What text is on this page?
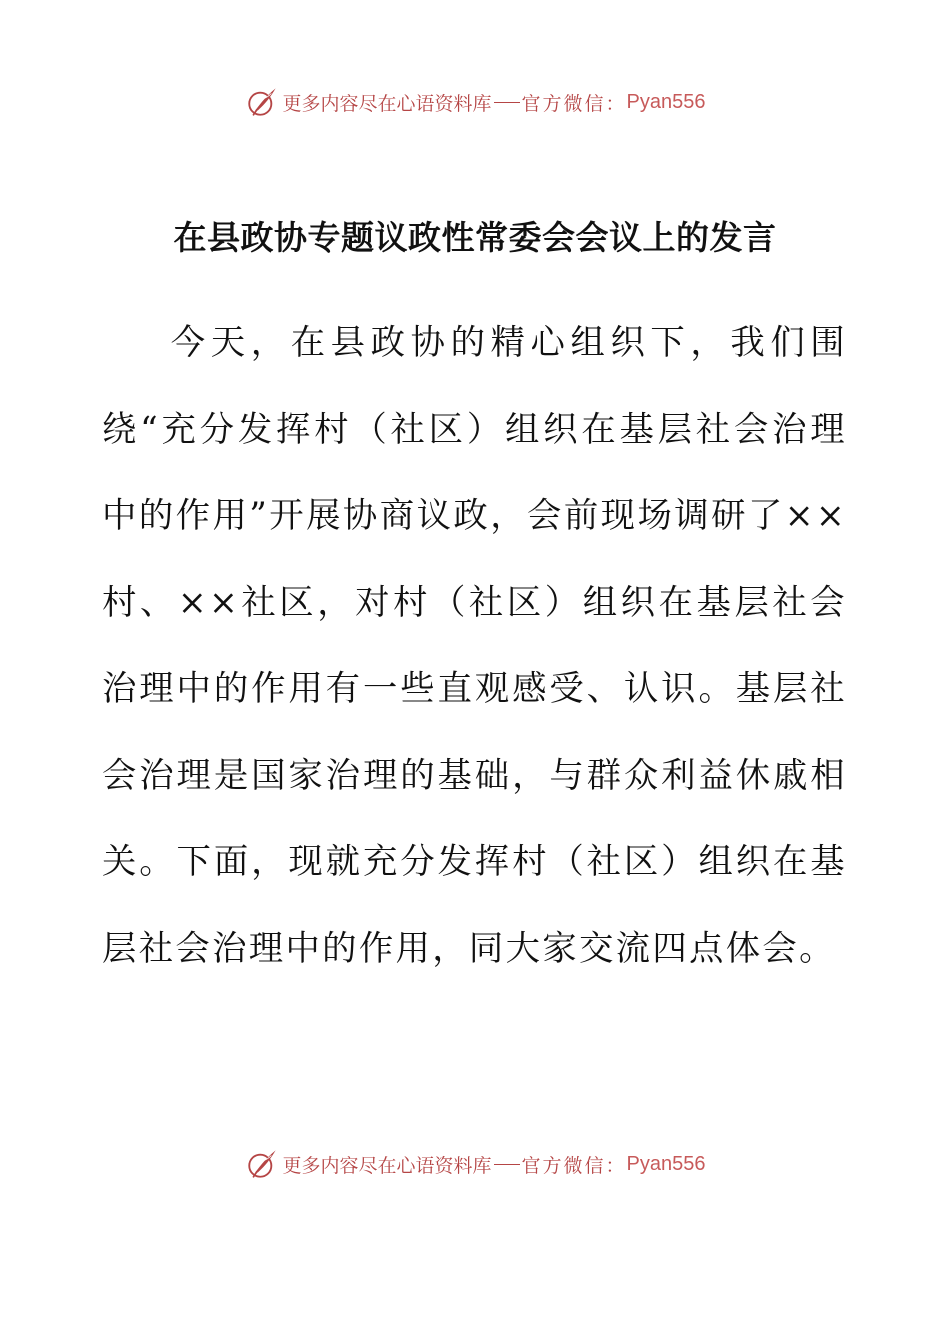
更多内容尽在心语资料库 官方微信： Pyan556
在县政协专题议政性常委会会议上的发言

今天，在县政协的精心组织下，我们围绕“充分发挥村（社区）组织在基层社会治理中的作用”开展协商议政，会前现场调研了××村、××社区，对村（社区）组织在基层社会治理中的作用有一些直观感受、认识。基层社会治理是国家治理的基础，与群众利益休戚相关。下面，现就充分发挥村（社区）组织在基层社会治理中的作用，同大家交流四点体会。

更多内容尽在心语资料库 官方微信： Pyan556
